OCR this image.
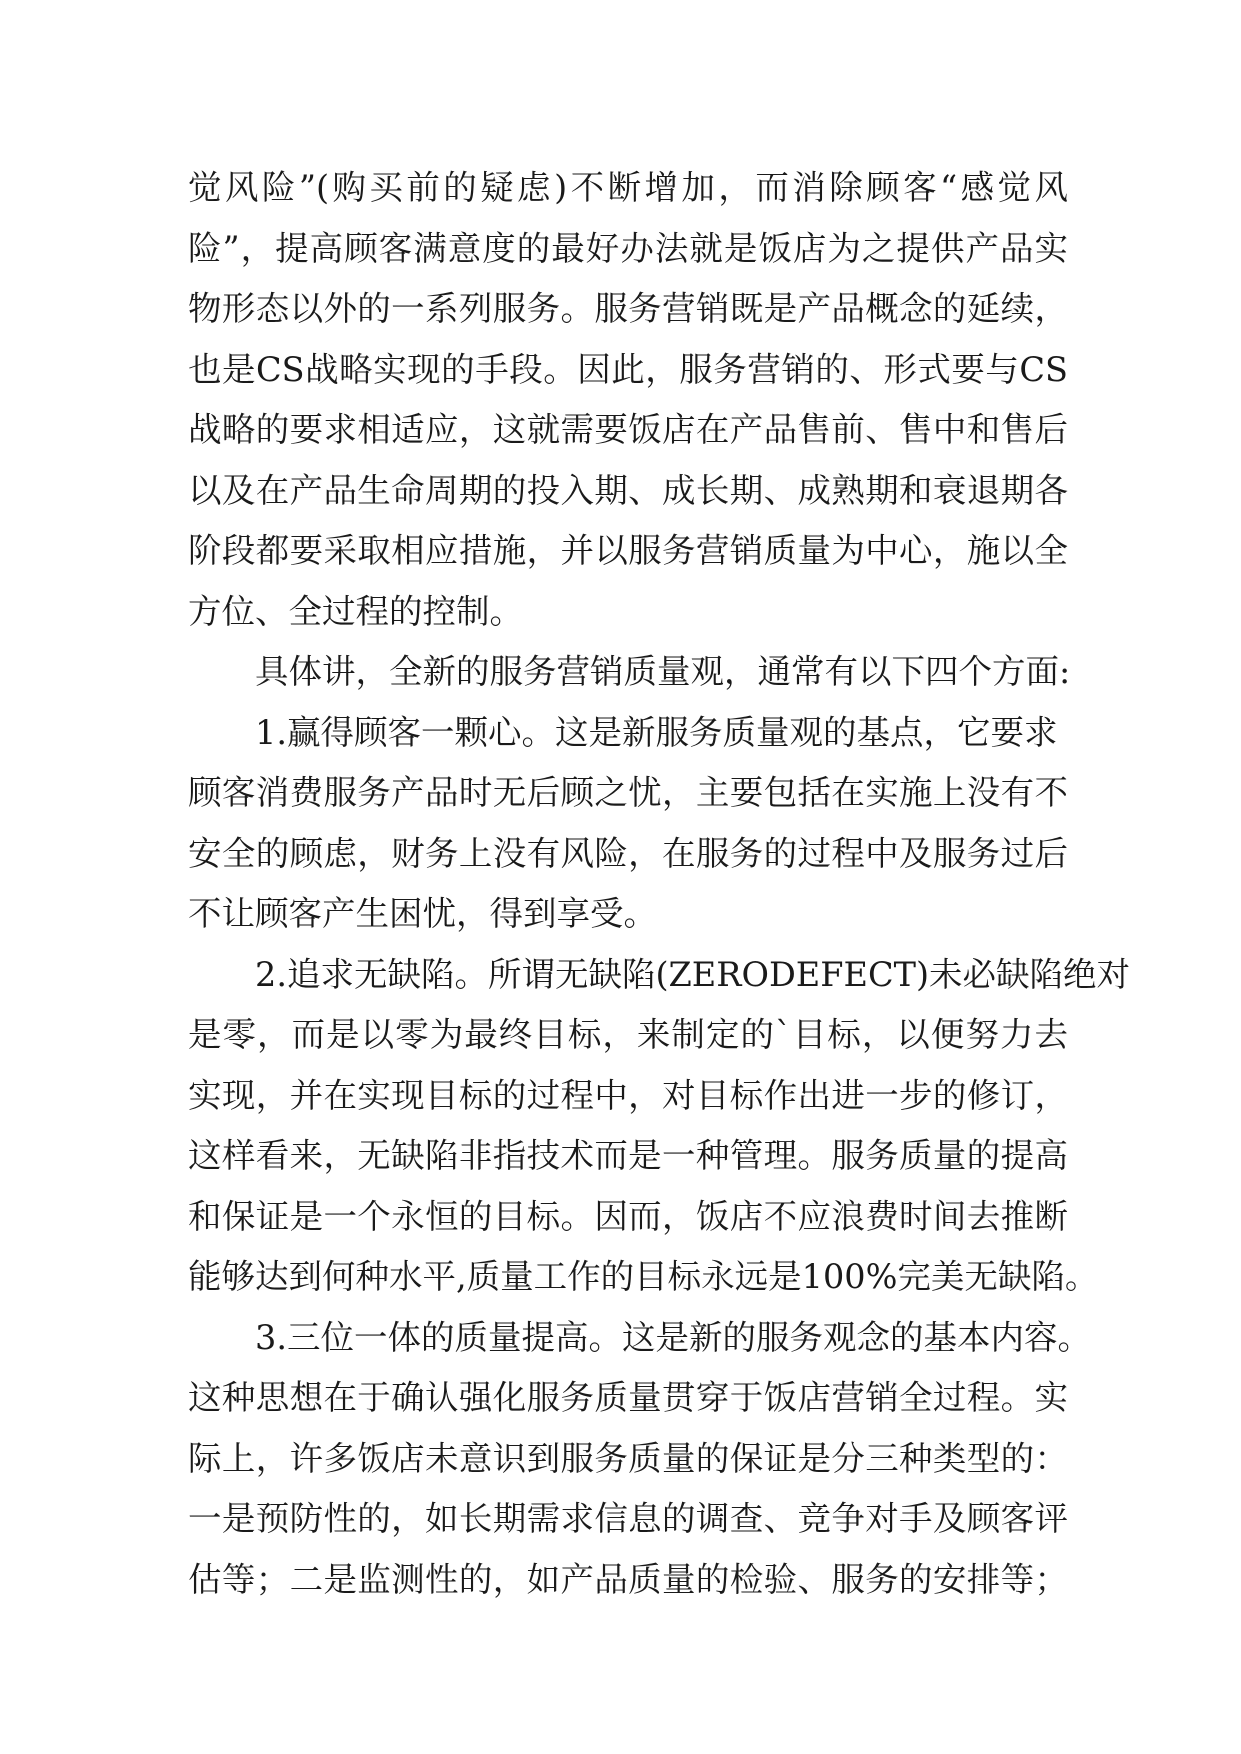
觉风险”(购买前的疑虑)不断增加，而消除顾客“感觉风
险”，提高顾客满意度的最好办法就是饭店为之提供产品实
物形态以外的一系列服务。服务营销既是产品概念的延续，
也是CS战略实现的手段。因此，服务营销的、形式要与CS
战略的要求相适应，这就需要饭店在产品售前、售中和售后
以及在产品生命周期的投入期、成长期、成熟期和衰退期各
阶段都要采取相应措施，并以服务营销质量为中心，施以全
方位、全过程的控制。
具体讲，全新的服务营销质量观，通常有以下四个方面:
1.赢得顾客一颗心。这是新服务质量观的基点，它要求
顾客消费服务产品时无后顾之忧，主要包括在实施上没有不
安全的顾虑，财务上没有风险，在服务的过程中及服务过后
不让顾客产生困忧，得到享受。
2.追求无缺陷。所谓无缺陷(ZERODEFECT)未必缺陷绝对
是零，而是以零为最终目标，来制定的`目标，以便努力去
实现，并在实现目标的过程中，对目标作出进一步的修订，
这样看来，无缺陷非指技术而是一种管理。服务质量的提高
和保证是一个永恒的目标。因而，饭店不应浪费时间去推断
能够达到何种水平,质量工作的目标永远是100%完美无缺陷。
3.三位一体的质量提高。这是新的服务观念的基本内容。
这种思想在于确认强化服务质量贯穿于饭店营销全过程。实
际上，许多饭店未意识到服务质量的保证是分三种类型的：
一是预防性的，如长期需求信息的调查、竞争对手及顾客评
估等；二是监测性的，如产品质量的检验、服务的安排等；
